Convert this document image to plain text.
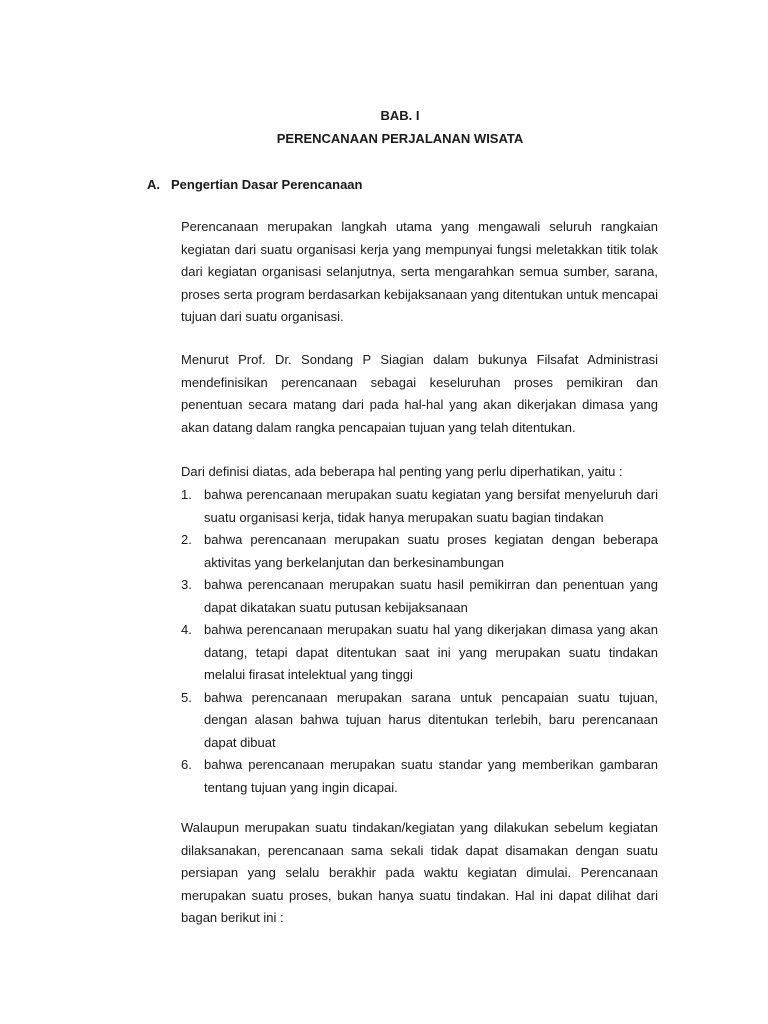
BAB. I
PERENCANAAN PERJALANAN WISATA
A. Pengertian Dasar Perencanaan

Perencanaan merupakan langkah utama yang mengawali seluruh rangkaian kegiatan dari suatu organisasi kerja yang mempunyai fungsi meletakkan titik tolak dari kegiatan organisasi selanjutnya, serta mengarahkan semua sumber, sarana, proses serta program berdasarkan kebijaksanaan yang ditentukan untuk mencapai tujuan dari suatu organisasi.

Menurut Prof. Dr. Sondang P Siagian dalam bukunya Filsafat Administrasi mendefinisikan perencanaan sebagai keseluruhan proses pemikiran dan penentuan secara matang dari pada hal-hal yang akan dikerjakan dimasa yang akan datang dalam rangka pencapaian tujuan yang telah ditentukan.

Dari definisi diatas, ada beberapa hal penting yang perlu diperhatikan, yaitu :

1. bahwa perencanaan merupakan suatu kegiatan yang bersifat menyeluruh dari suatu organisasi kerja, tidak hanya merupakan suatu bagian tindakan
2. bahwa perencanaan merupakan suatu proses kegiatan dengan beberapa aktivitas yang berkelanjutan dan berkesinambungan
3. bahwa perencanaan merupakan suatu hasil pemikirran dan penentuan yang dapat dikatakan suatu putusan kebijaksanaan
4. bahwa perencanaan merupakan suatu hal yang dikerjakan dimasa yang akan datang, tetapi dapat ditentukan saat ini yang merupakan suatu tindakan melalui firasat intelektual yang tinggi
5. bahwa perencanaan merupakan sarana untuk pencapaian suatu tujuan, dengan alasan bahwa tujuan harus ditentukan terlebih, baru perencanaan dapat dibuat
6. bahwa perencanaan merupakan suatu standar yang memberikan gambaran tentang tujuan yang ingin dicapai.

Walaupun merupakan suatu tindakan/kegiatan yang dilakukan sebelum kegiatan dilaksanakan, perencanaan sama sekali tidak dapat disamakan dengan suatu persiapan yang selalu berakhir pada waktu kegiatan dimulai. Perencanaan merupakan suatu proses, bukan hanya suatu tindakan. Hal ini dapat dilihat dari bagan berikut ini :
